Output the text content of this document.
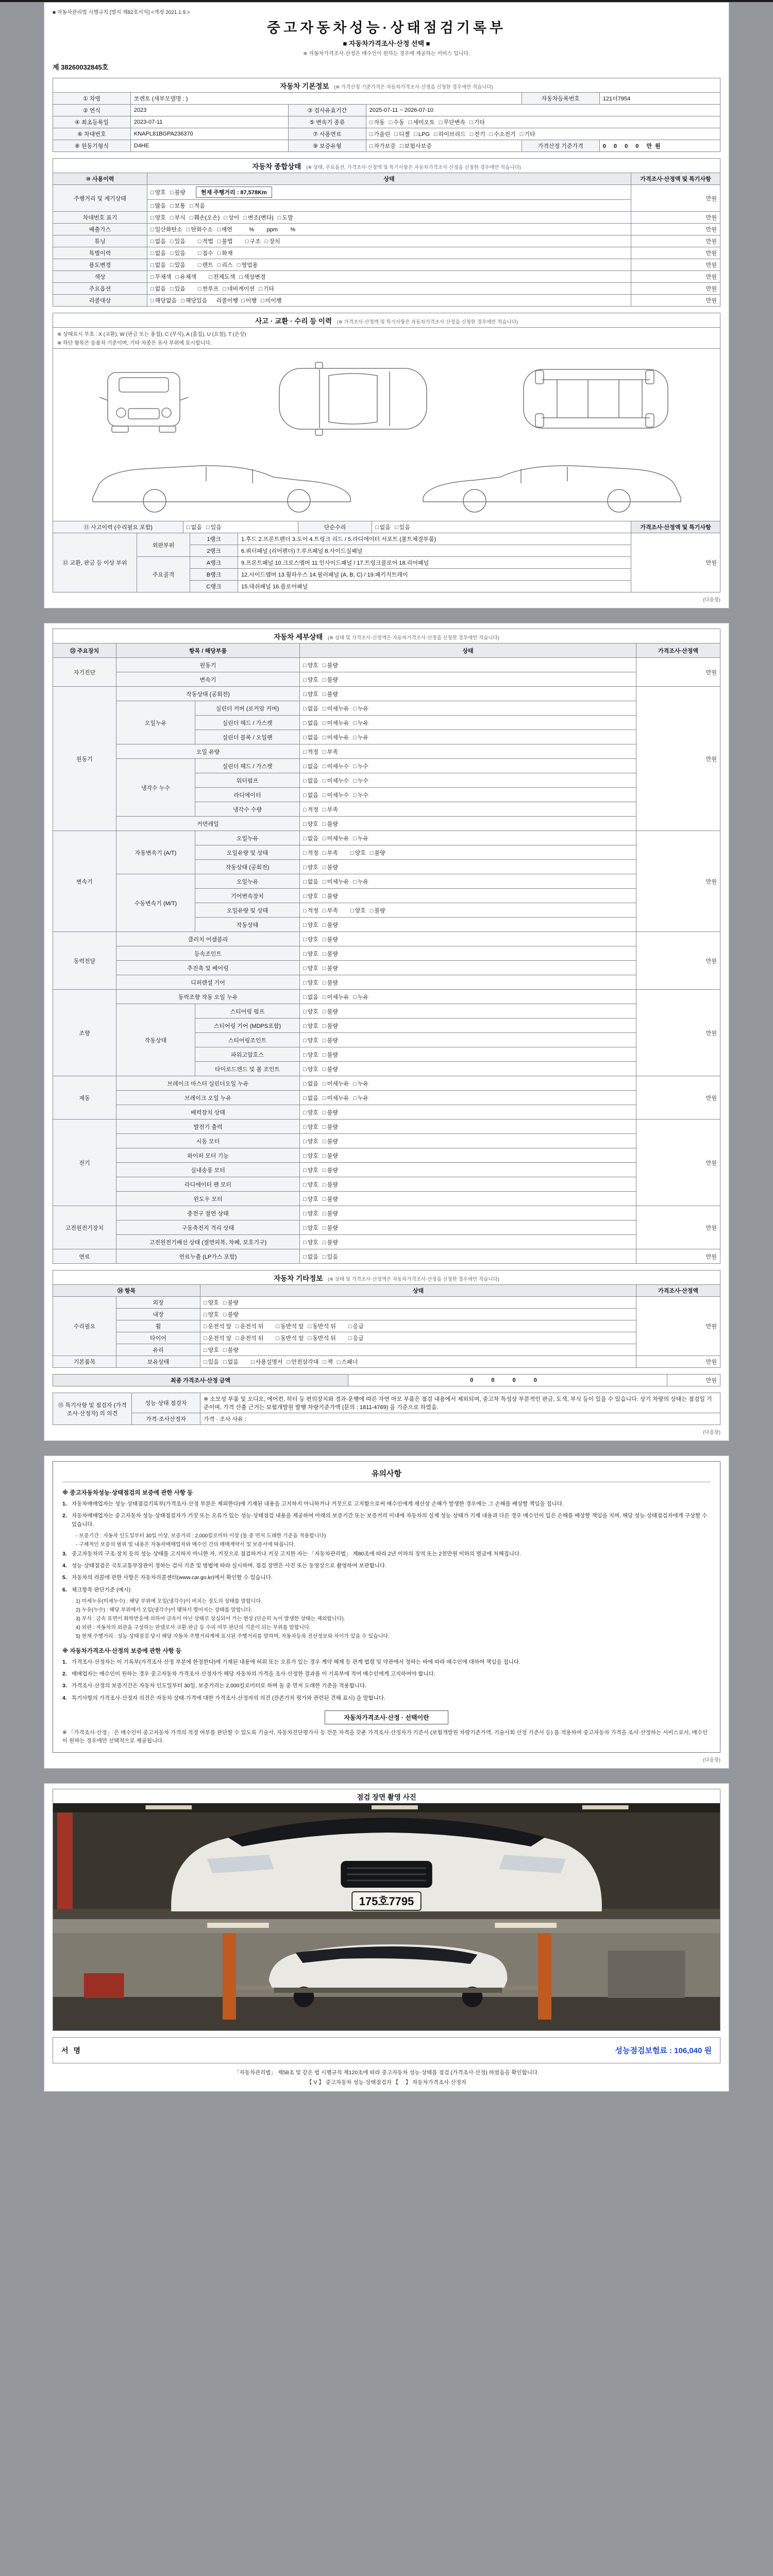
■ 자동차관리법 시행규칙 [별지 제82호서식] <개정 2021.1.9.>
중고자동차성능·상태점검기록부
■ 자동차가격조사·산정 선택 ■
※ 자동차가격조사·산정은 매수인이 원하는 경우에 제공하는 서비스 입니다.
제 38260032845호
자동차 기본정보 (※ 가격산정 기준가격은 자동차가격조사·산정을 신청한 경우에만 적습니다)
① 차명	쏘렌토 (세부모델명 : )			자동차등록번호	121더7954
② 연식	2023	③ 검사유효기간	2025-07-11 ~ 2026-07-10		
④ 최초등록일	2023-07-11	⑤ 변속기 종류	□ 자동 □ 수동 □ 세미오토 □ 무단변속 □ 기타		
⑥ 차대번호	KNAPL81BGPA236370	⑦ 사용연료	□ 가솔린 □ 디젤 □ LPG □ 하이브리드 □ 전기 □ 수소전기 □ 기타		
⑧ 원동기형식	D4HE	⑨ 보증유형	□ 자가보증 □ 보험사보증	가격산정 기준가격	0 0 0 0 만원
자동차 종합상태 (※ 상태, 주요옵션, 가격조사·산정액 및 특기사항은 자동차가격조사·산정을 신청한 경우에만 적습니다)
⑩ 사용이력	상태	가격조사·산정액 및 특기사항
주행거리 및 계기상태	□ 양호 □ 불량 현재 주행거리 : 87,578Km	만원
	□ 많음 □ 보통 □ 적음	
차대번호 표기	□ 양호 □ 부식 □ 훼손(오손) □ 상이 □ 변조(변타) □ 도말	만원
배출가스	□ 일산화탄소 □ 탄화수소 □ 매연        %        ppm        %	만원
튜닝	□ 없음 □ 있음 □ 적법 □ 불법 □ 구조 □ 장치	만원
특별이력	□ 없음 □ 있음 □ 침수 □ 화재	만원
용도변경	□ 없음 □ 있음 □ 렌트 □ 리스 □ 영업용	만원
색상	□ 무채색 □ 유채색 □ 전체도색 □ 색상변경	만원
주요옵션	□ 없음 □ 있음 □ 썬루프 □ 네비게이션 □ 기타	만원
리콜대상	□ 해당없음 □ 해당있음   리콜이행  □ 이행 □ 미이행	만원
사고 · 교환 · 수리 등 이력 (※ 가격조사·산정액 및 특기사항은 자동차가격조사·산정을 신청한 경우에만 적습니다)
※ 상태표시 부호 : X (교환), W (판금 또는 용접), C (부식), A (흠집), U (요철), T (손상)
※ 하단 항목은 승용차 기준이며, 기타 차종은 유사 부위에 표시합니다.
⑪ 사고이력 (수리필요 포함)	□ 없음 □ 있음	단순수리	□ 없음 □ 있음	가격조사·산정액 및 특기사항
⑫ 교환, 판금 등 이상 부위	외판부위	1랭크	1.후드 2.프론트펜더 3.도어 4.트렁크 리드 / 5.라디에이터 서포트 (볼트체결부품)	만원
		2랭크	6.쿼터패널 (리어펜더) 7.루프패널 8.사이드실패널	
	주요골격	A랭크	9.프론트패널 10.크로스멤버 11.인사이드패널 / 17.트렁크플로어 18.리어패널	
		B랭크	12.사이드멤버 13.휠하우스 14.필러패널 (A, B, C) / 19.패키지트레이	
		C랭크	15.대쉬패널 16.플로어패널	
(다음장)
자동차 세부상태 (※ 상태 및 가격조사·산정액은 자동차가격조사·산정을 신청한 경우에만 적습니다)
⑬ 주요장치	항목 / 해당부품		상태	가격조사·산정액
자기진단	원동기		□ 양호 □ 불량	만원
	변속기		□ 양호 □ 불량	
원동기	작동상태 (공회전)		□ 양호 □ 불량	만원
	오일누유	실린더 커버 (로커암 커버)	□ 없음 □ 미세누유 □ 누유	
		실린더 헤드 / 가스켓	□ 없음 □ 미세누유 □ 누유	
		실린더 블록 / 오일팬	□ 없음 □ 미세누유 □ 누유	
	오일 유량		□ 적정 □ 부족	
	냉각수 누수	실린더 헤드 / 가스켓	□ 없음 □ 미세누수 □ 누수	
		워터펌프	□ 없음 □ 미세누수 □ 누수	
		라디에이터	□ 없음 □ 미세누수 □ 누수	
		냉각수 수량	□ 적정 □ 부족	
	커먼레일		□ 양호 □ 불량	
변속기	자동변속기 (A/T)	오일누유	□ 없음 □ 미세누유 □ 누유	만원
		오일유량 및 상태	□ 적정 □ 부족 □ 양호 □ 불량	
		작동상태 (공회전)	□ 양호 □ 불량	
	수동변속기 (M/T)	오일누유	□ 없음 □ 미세누유 □ 누유	
		기어변속장치	□ 양호 □ 불량	
		오일유량 및 상태	□ 적정 □ 부족 □ 양호 □ 불량	
		작동상태	□ 양호 □ 불량	
동력전달	클러치 어셈블리		□ 양호 □ 불량	만원
	등속조인트		□ 양호 □ 불량	
	추진축 및 베어링		□ 양호 □ 불량	
	디퍼렌셜 기어		□ 양호 □ 불량	
조향	동력조향 작동 오일 누유		□ 없음 □ 미세누유 □ 누유	만원
	작동상태	스티어링 펌프	□ 양호 □ 불량	
		스티어링 기어 (MDPS포함)	□ 양호 □ 불량	
		스티어링조인트	□ 양호 □ 불량	
		파워고압호스	□ 양호 □ 불량	
		타이로드엔드 및 볼 조인트	□ 양호 □ 불량	
제동	브레이크 마스터 실린더오일 누유		□ 없음 □ 미세누유 □ 누유	만원
	브레이크 오일 누유		□ 없음 □ 미세누유 □ 누유	
	배력장치 상태		□ 양호 □ 불량	
전기	발전기 출력		□ 양호 □ 불량	만원
	시동 모터		□ 양호 □ 불량	
	와이퍼 모터 기능		□ 양호 □ 불량	
	실내송풍 모터		□ 양호 □ 불량	
	라디에이터 팬 모터		□ 양호 □ 불량	
	윈도우 모터		□ 양호 □ 불량	
고전원전기장치	충전구 절연 상태		□ 양호 □ 불량	만원
	구동축전지 격리 상태		□ 양호 □ 불량	
	고전원전기배선 상태 (절연피복, 차폐, 보호기구)		□ 양호 □ 불량	
연료	연료누출 (LP가스 포함)		□ 없음 □ 있음	만원
자동차 기타정보 (※ 상태 및 가격조사·산정액은 자동차가격조사·산정을 신청한 경우에만 적습니다)
⑭ 항목		상태	가격조사·산정액
수리필요	외장	□ 양호 □ 불량	만원
	내장	□ 양호 □ 불량	
	휠	□ 운전석 앞 □ 운전석 뒤 □ 동반석 앞 □ 동반석 뒤 □ 응급	
	타이어	□ 운전석 앞 □ 운전석 뒤 □ 동반석 앞 □ 동반석 뒤 □ 응급	
	유리	□ 양호 □ 불량	
기본품목	보유상태	□ 있음 □ 없음 □ 사용설명서 □ 안전삼각대 □ 잭 □ 스패너	만원
최종 가격조사·산정 금액	0 0 0 0	만원
⑮ 특기사항 및 점검자 (가격조사·산정자) 의 의견	성능·상태 점검자	※ 소모성 부품 및 오디오, 에어컨, 히터 등 편의장치와 경과·운행에 따른 자연 마모 부품은 점검 내용에서 제외되며, 중고차 특성상 부분적인 판금, 도색, 부식 등이 있을 수 있습니다. 상기 차량의 상태는 점검일 기준이며, 가격 산출 근거는 보험개발원 발행 차량기준가액 (문의 : 1811-4769) 을 기준으로 하였음.
	가격·조사산정자	가격 · 조사 사유 :
(다음장)
유의사항
※ 중고자동차성능·상태점검의 보증에 관한 사항 등
1. 자동차매매업자는 성능·상태점검기록부(가격조사·산정 부분은 제외한다)에 기재된 내용을 고지하지 아니하거나 거짓으로 고지함으로써 매수인에게 재산상 손해가 발생한 경우에는 그 손해를 배상할 책임을 집니다.
2. 자동차매매업자는 중고자동차 성능·상태점검자가 거짓 또는 오류가 있는 성능·상태점검 내용을 제공하여 아래의 보증기간 또는 보증거리 이내에 자동차의 실제 성능·상태가 기재 내용과 다른 경우 매수인이 입은 손해를 배상할 책임을 지며, 해당 성능·상태점검자에게 구상할 수 있습니다.
- 보증기간 : 자동차 인도일부터 30일 이상, 보증거리 : 2,000킬로미터 이상 (둘 중 먼저 도래한 기준을 적용합니다)
- 구체적인 보증의 범위 및 내용은 자동차매매업자와 매수인 간의 매매계약서 및 보증서에 따릅니다.
3. 중고자동차의 구조·장치 등의 성능·상태를 고지하지 아니한 자, 거짓으로 점검하거나 거짓 고지한 자는 「자동차관리법」 제80조에 따라 2년 이하의 징역 또는 2천만원 이하의 벌금에 처해집니다.
4. 성능·상태점검은 국토교통부장관이 정하는 검사 기준 및 방법에 따라 실시하며, 점검 장면은 사진 또는 동영상으로 촬영하여 보관합니다.
5. 자동차의 리콜에 관한 사항은 자동차리콜센터(www.car.go.kr)에서 확인할 수 있습니다.
6. 체크항목 판단기준 (예시)
1) 미세누유(미세누수) : 해당 부위에 오일(냉각수)이 비치는 정도의 상태를 말합니다.
2) 누유(누수) : 해당 부위에서 오일(냉각수)이 맺혀서 떨어지는 상태를 말합니다.
3) 부식 : 금속 표면이 화학반응에 의하여 금속이 아닌 상태로 상실되어 가는 현상 (단순히 녹이 발생한 상태는 제외합니다).
4) 외판 : 자동차의 외관을 구성하는 판넬로서 교환·판금 등 수리 여부 판단의 기준이 되는 부위를 말합니다.
5) 현재 주행거리 : 성능·상태점검 당시 해당 자동차 주행거리계에 표시된 주행거리를 말하며, 자동차등록 전산정보와 차이가 있을 수 있습니다.
※ 자동차가격조사·산정의 보증에 관한 사항 등
1. 가격조사·산정자는 이 기록부(가격조사·산정 부분에 한정한다)에 기재된 내용에 허위 또는 오류가 있는 경우 계약 해제 등 관계 법령 및 약관에서 정하는 바에 따라 매수인에 대하여 책임을 집니다.
2. 매매업자는 매수인이 원하는 경우 중고자동차 가격조사·산정자가 해당 자동차의 가격을 조사·산정한 결과를 이 기록부에 적어 매수인에게 고지하여야 합니다.
3. 가격조사·산정의 보증기간은 자동차 인도일부터 30일, 보증거리는 2,000킬로미터로 하며 둘 중 먼저 도래한 기준을 적용합니다.
4. 특기사항의 가격조사·산정자 의견은 자동차 상태·가격에 대한 가격조사·산정자의 의견 (잔존가치 평가와 관련된 견해 표시) 을 말합니다.
자동차가격조사·산정 · 선택이란
※ 「가격조사·산정」 은 매수인이 중고자동차 가격의 적정 여부를 판단할 수 있도록 기술사, 자동차진단평가사 등 전문 자격을 갖춘 가격조사·산정자가 기준서 (보험개발원 차량기준가액, 기술사회 산정 기준서 등) 를 적용하여 중고자동차 가격을 조사·산정하는 서비스로서, 매수인이 원하는 경우에만 선택적으로 제공됩니다.
(다음장)
점검 장면 촬영 사진
175호7795
서명	성능점검보험료 : 106,040 원
「자동차관리법」 제58조 및 같은 법 시행규칙 제120조에 따라 중고자동차 성능·상태를 점검 (가격조사·산정) 하였음을 확인합니다.
【 V 】 중고자동차 성능·상태점검자 【　 】 자동차가격조사·산정자
